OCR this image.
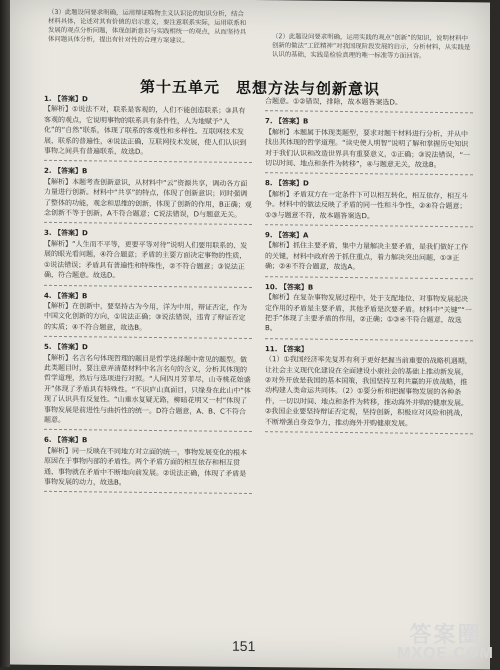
（3）此题设问要求明确，运用辩证唯物主义认识论的知识分析，结合材料具体，论述对其有价值的启示意义，要注意联系实际，运用联系和发展的观点分析问题，体现创新意识与实践相统一的观点，从而坚持具体问题具体分析，提出有针对性的合理方案建议。	（2）此题设问要求明确，运用实践的观点“创新”的知识，说明材料中创新的做法“工匠精神”对我国现阶段发展的启示，分析材料，从实践是认识的基础，实践是检验真理的唯一标准等方面回答。
第十五单元　思想方法与创新意识
1. 【答案】D
【解析】①说法不对，联系是客观的，人们不能创造联系；③具有客观的观点，它说明事物的联系具有条件性，人为地赋予“人化”的“自然”联系，体现了联系的客观性和多样性。互联网技术发展，联系的普遍性，④说法正确，互联网技术发展，使人们认识到事物之间具有普遍联系，故选D。
2. 【答案】B
【解析】本题考查创新意识，从材料中“云”资源共享，调动各方面力量进行创新。材料中“共享”的特点，体现了创新意识；同时强调了整体的功能，观念和思维的创新，体现了创新的作用，B正确；观念创新不等于创新，A不符合题意；C说法错误，D与题意无关。
3. 【答案】D
【解析】“人生而不平等，更要平等对待”说明人们要用联系的、发展的眼光看问题，④符合题意；矛盾的主要方面决定事物的性质，①说法错误；矛盾具有普遍性和特殊性，②不符合题意；③说法正确，符合题意。故选D。
4. 【答案】B
【解析】在创新中，要坚持古为今用，洋为中用，辩证否定，作为中国文化创新的方向，①说法正确；③说法错误，违背了辩证否定的实质；④不符合题意，故选B。
5. 【答案】D
【解析】名言名句体现哲理的题目是哲学选择题中常见的题型。做此类题目时，要注意弄清楚材料中名言名句的含义，分析其体现的哲学道理，然后与选项进行对照。“人间四月芳菲尽，山寺桃花始盛开”体现了矛盾具有特殊性。“不识庐山真面目，只缘身在此山中”体现了认识具有反复性。“山重水复疑无路，柳暗花明又一村”体现了事物发展是前进性与曲折性的统一。D符合题意，A、B、C不符合题意。
6. 【答案】B
【解析】同一反映在不同地方对立面的统一，事物发展变化的根本原因在于事物内部的矛盾性。两个矛盾方面的相互依存和相互贯通，事物就在矛盾中不断地向前发展。②说法正确，体现了矛盾是事物发展的动力，故选B。
合题意。①②错误，排除，故本题答案选D。
7. 【答案】B
【解析】本题属于体现类题型，要求对题干材料进行分析，并从中找出其体现的哲学道理。“读史使人明智”说明了解和掌握历史知识对于我们认识和改造世界具有重要意义，①正确；③说法错误，“一切以时间、地点和条件为转移”，④与题意无关，故选B。
8. 【答案】D
【解析】矛盾双方在一定条件下可以相互转化，相互依存，相互斗争。材料中的做法反映了矛盾的同一性和斗争性，②④符合题意；①③与题意不符，故本题答案选D。
9. 【答案】A
【解析】抓住主要矛盾，集中力量解决主要矛盾，是我们做好工作的关键，材料中政府善于抓住重点，着力解决突出问题，①③正确；②④不符合题意，故选A。
10. 【答案】B
【解析】在复杂事物发展过程中，处于支配地位、对事物发展起决定作用的矛盾是主要矛盾，其他矛盾是次要矛盾。材料中“关键”“一把手”体现了主要矛盾的作用，②正确；①③④不符合题意，故选B。
11. 【答案】
（1）①我国经济率先复苏有利于更好把握当前重要的战略机遇期，让社会主义现代化建设在全面建设小康社会的基础上推动新发展，②对外开放是我国的基本国策，我国坚持互利共赢的开放战略，推动构建人类命运共同体。（2）①要分析和把握事物发展的各种条件，一切以时间、地点和条件为转移，推动海外并购的健康发展。②我国企业要坚持辩证否定观，坚持创新，积极应对风险和挑战，不断增强自身竞争力，推动海外并购健康发展。
151	答案圈
MXQE.COM
